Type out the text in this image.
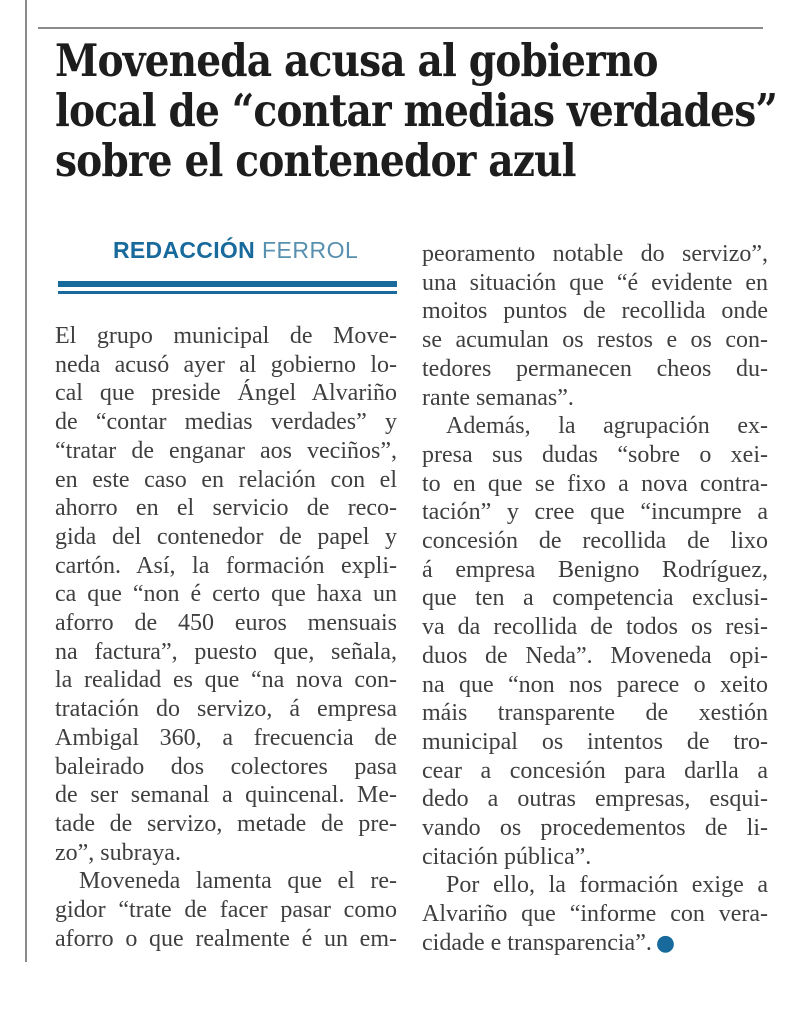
Moveneda acusa al gobierno
local de “contar medias verdades”
sobre el contenedor azul
REDACCIÓN FERROL
El grupo municipal de Move-
neda acusó ayer al gobierno lo-
cal que preside Ángel Alvariño
de “contar medias verdades” y
“tratar de enganar aos veciños”,
en este caso en relación con el
ahorro en el servicio de reco-
gida del contenedor de papel y
cartón. Así, la formación expli-
ca que “non é certo que haxa un
aforro de 450 euros mensuais
na factura”, puesto que, señala,
la realidad es que “na nova con-
tratación do servizo, á empresa
Ambigal 360, a frecuencia de
baleirado dos colectores pasa
de ser semanal a quincenal. Me-
tade de servizo, metade de pre-
zo”, subraya.
Moveneda lamenta que el re-
gidor “trate de facer pasar como
aforro o que realmente é un em-
peoramento notable do servizo”,
una situación que “é evidente en
moitos puntos de recollida onde
se acumulan os restos e os con-
tedores permanecen cheos du-
rante semanas”.
Además, la agrupación ex-
presa sus dudas “sobre o xei-
to en que se fixo a nova contra-
tación” y cree que “incumpre a
concesión de recollida de lixo
á empresa Benigno Rodríguez,
que ten a competencia exclusi-
va da recollida de todos os resi-
duos de Neda”. Moveneda opi-
na que “non nos parece o xeito
máis transparente de xestión
municipal os intentos de tro-
cear a concesión para darlla a
dedo a outras empresas, esqui-
vando os procedementos de li-
citación pública”.
Por ello, la formación exige a
Alvariño que “informe con vera-
cidade e transparencia”. ●
